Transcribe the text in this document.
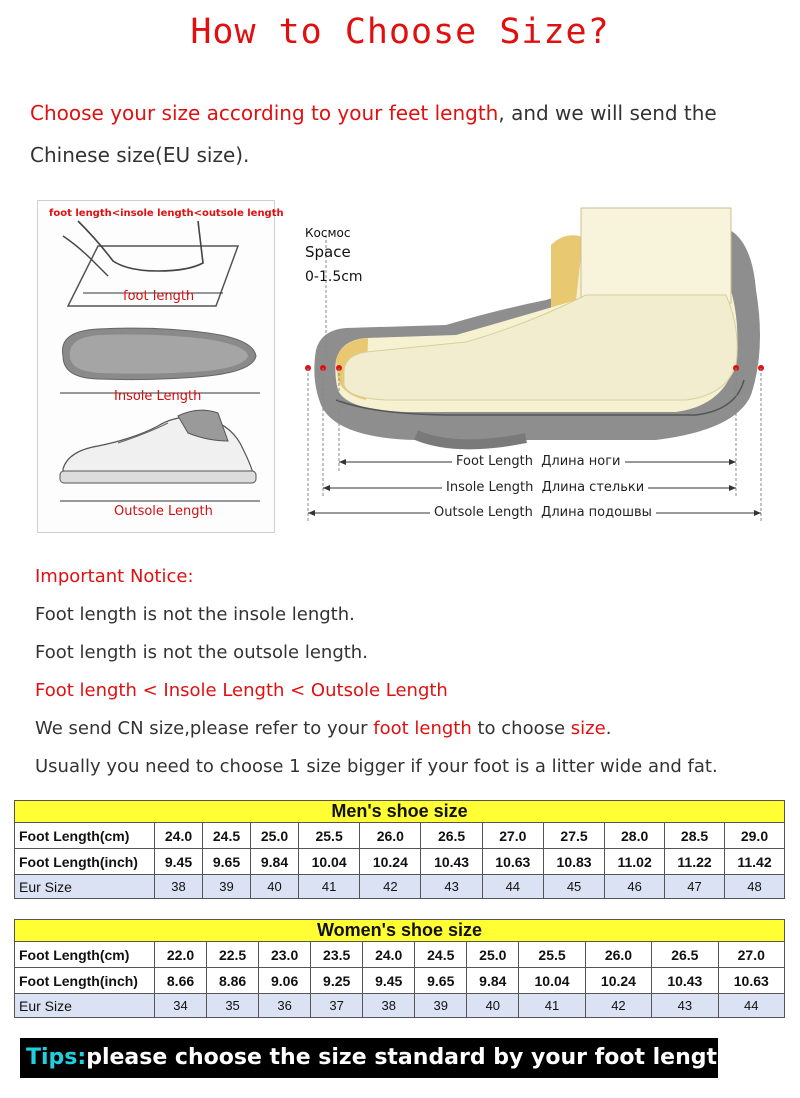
How to Choose Size?
Choose your size according to your feet length, and we will send the
Chinese size(EU size).
foot length<insole length<outsole length
foot length
Insole Length
Outsole Length
Космос
Space
0-1.5cm
Foot Length Длина ноги
Insole Length Длина стельки
Outsole Length Длина подошвы
Important Notice:
Foot length is not the insole length.
Foot length is not the outsole length.
Foot length < Insole Length < Outsole Length
We send CN size,please refer to your foot length to choose size.
Usually you need to choose 1 size bigger if your foot is a litter wide and fat.
Men's shoe size											
Foot Length(cm)	24.0	24.5	25.0	25.5	26.0	26.5	27.0	27.5	28.0	28.5	29.0
Foot Length(inch)	9.45	9.65	9.84	10.04	10.24	10.43	10.63	10.83	11.02	11.22	11.42
Eur Size	38	39	40	41	42	43	44	45	46	47	48
Women's shoe size											
Foot Length(cm)	22.0	22.5	23.0	23.5	24.0	24.5	25.0	25.5	26.0	26.5	27.0
Foot Length(inch)	8.66	8.86	9.06	9.25	9.45	9.65	9.84	10.04	10.24	10.43	10.63
Eur Size	34	35	36	37	38	39	40	41	42	43	44
Tips:please choose the size standard by your foot length
